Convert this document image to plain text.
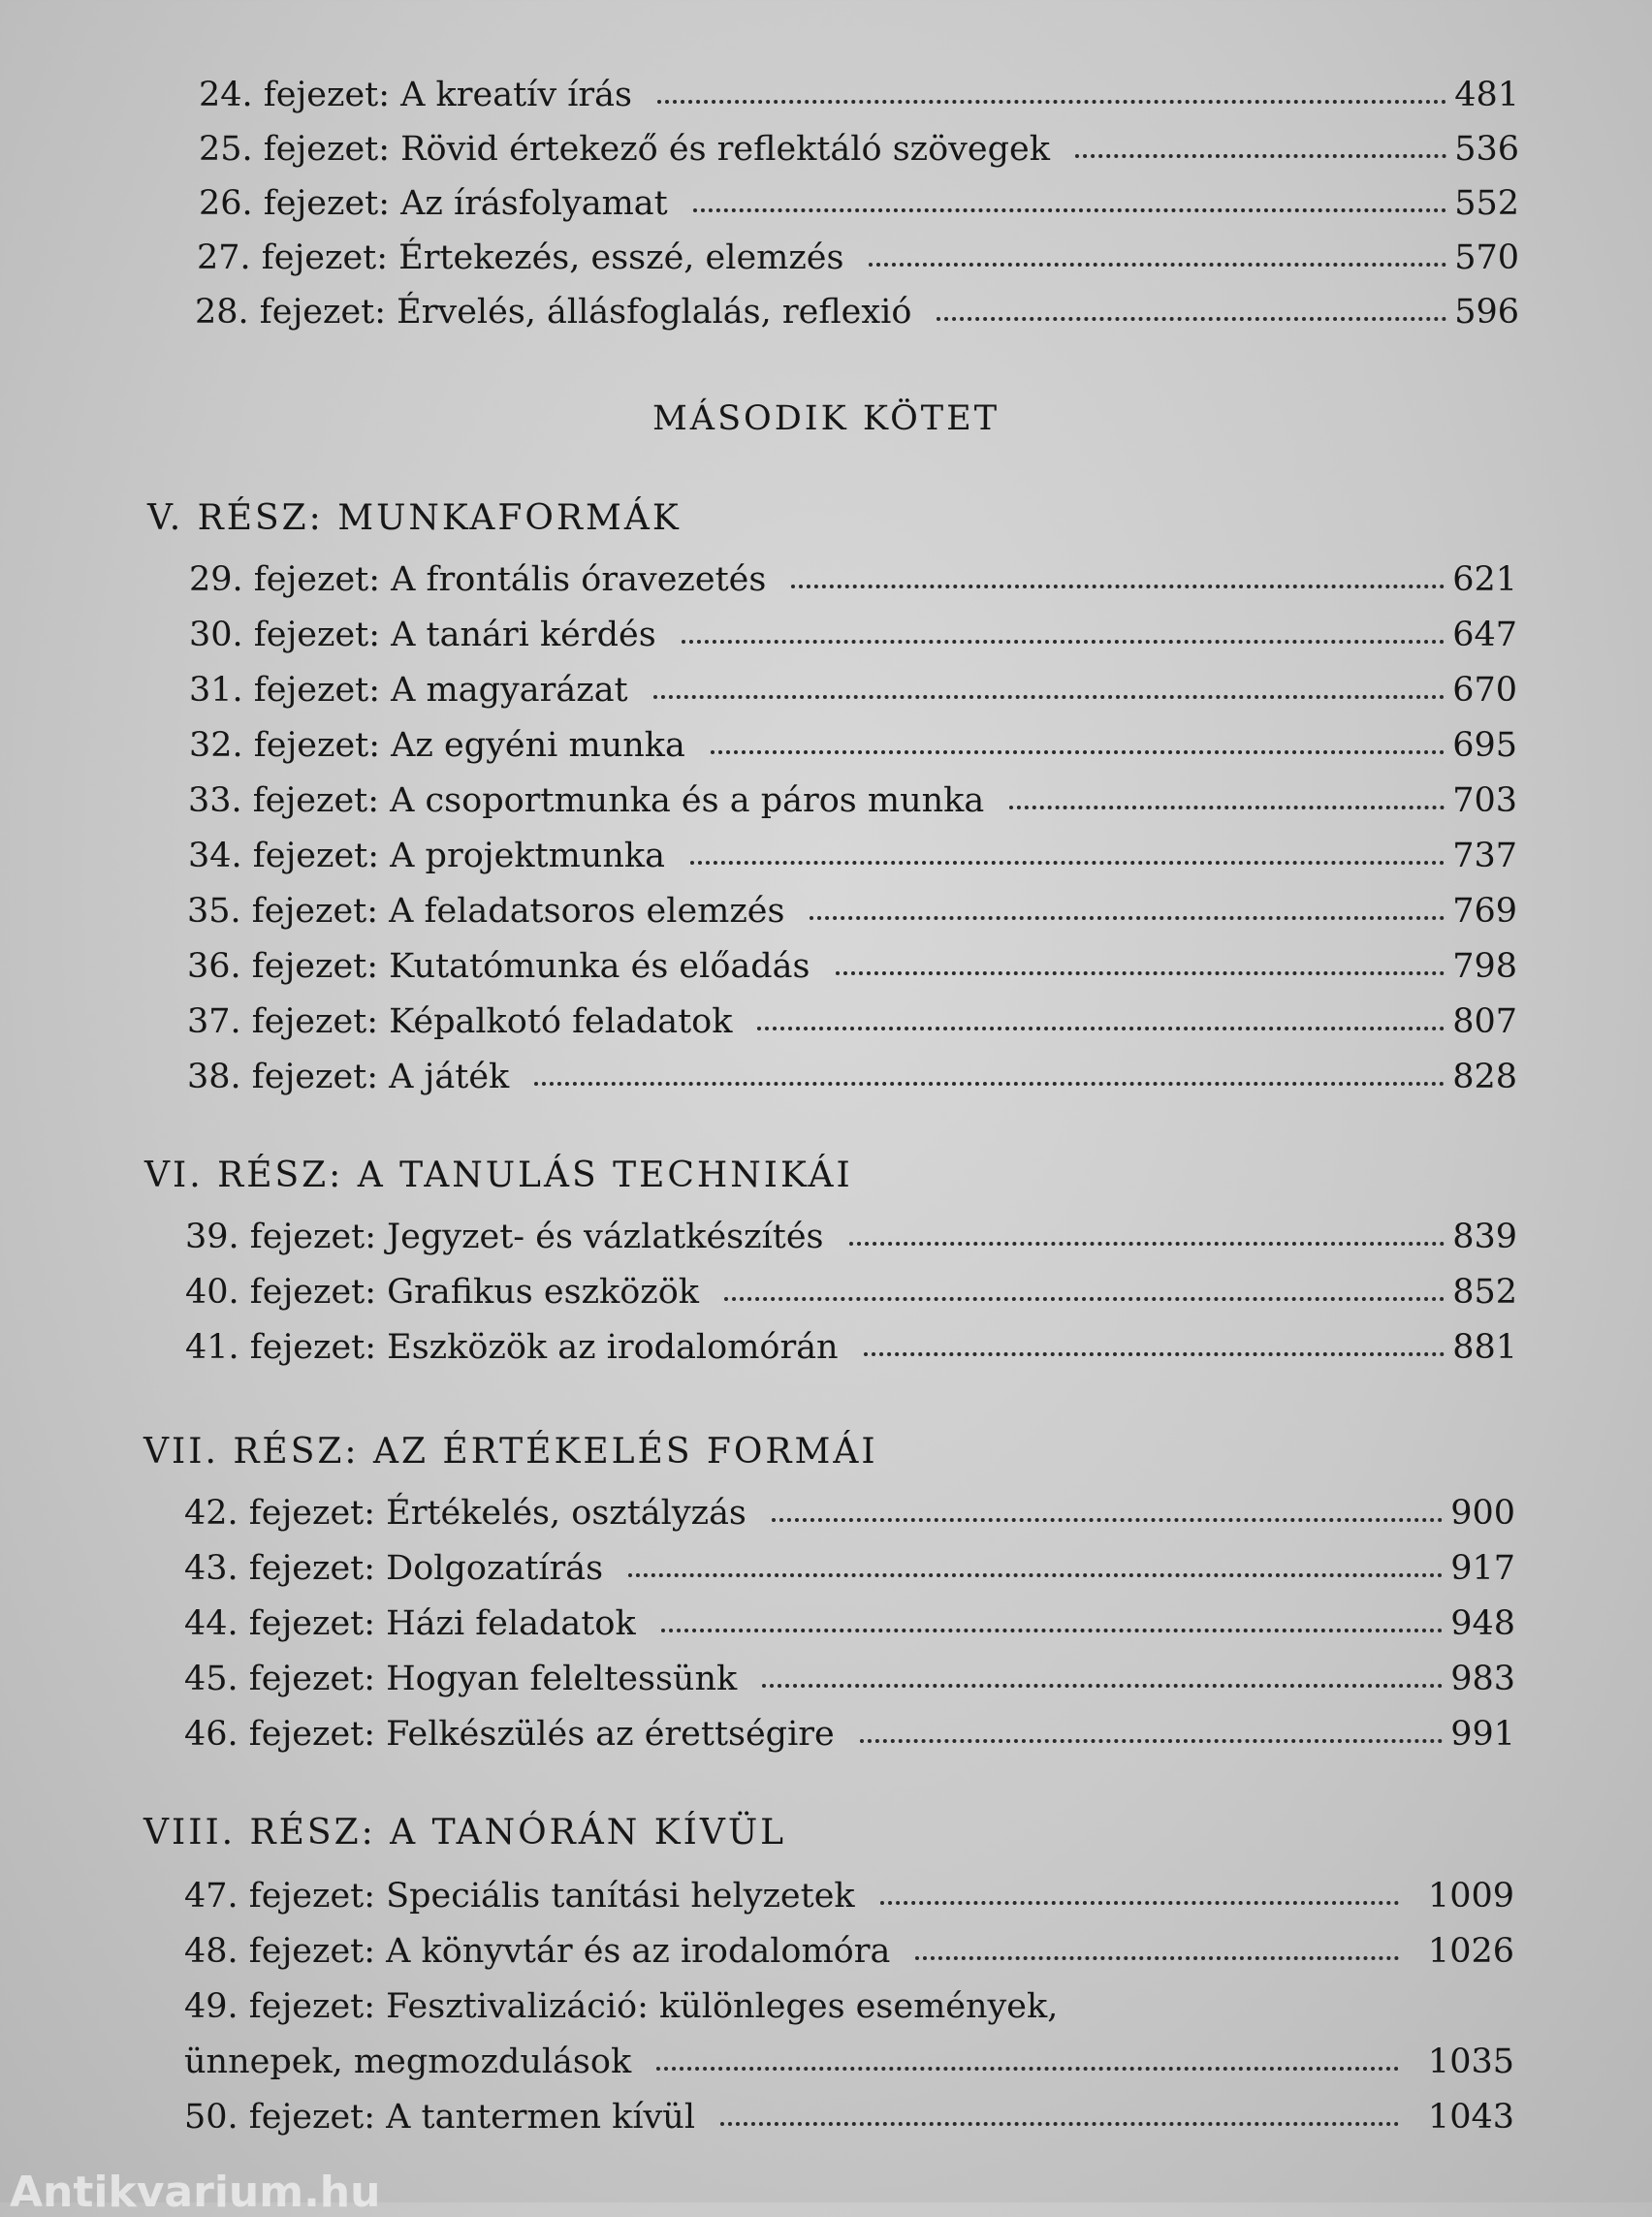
24. fejezet: A kreatív írás	481
25. fejezet: Rövid értekező és reflektáló szövegek	536
26. fejezet: Az írásfolyamat	552
27. fejezet: Értekezés, esszé, elemzés	570
28. fejezet: Érvelés, állásfoglalás, reflexió	596
MÁSODIK KÖTET
V. RÉSZ: MUNKAFORMÁK
29. fejezet: A frontális óravezetés	621
30. fejezet: A tanári kérdés	647
31. fejezet: A magyarázat	670
32. fejezet: Az egyéni munka	695
33. fejezet: A csoportmunka és a páros munka	703
34. fejezet: A projektmunka	737
35. fejezet: A feladatsoros elemzés	769
36. fejezet: Kutatómunka és előadás	798
37. fejezet: Képalkotó feladatok	807
38. fejezet: A játék	828
VI. RÉSZ: A TANULÁS TECHNIKÁI
39. fejezet: Jegyzet- és vázlatkészítés	839
40. fejezet: Grafikus eszközök	852
41. fejezet: Eszközök az irodalomórán	881
VII. RÉSZ: AZ ÉRTÉKELÉS FORMÁI
42. fejezet: Értékelés, osztályzás	900
43. fejezet: Dolgozatírás	917
44. fejezet: Házi feladatok	948
45. fejezet: Hogyan feleltessünk	983
46. fejezet: Felkészülés az érettségire	991
VIII. RÉSZ: A TANÓRÁN KÍVÜL
47. fejezet: Speciális tanítási helyzetek	1009
48. fejezet: A könyvtár és az irodalomóra	1026
49. fejezet: Fesztivalizáció: különleges események,
ünnepek, megmozdulások	1035
50. fejezet: A tantermen kívül	1043
Antikvarium.hu
